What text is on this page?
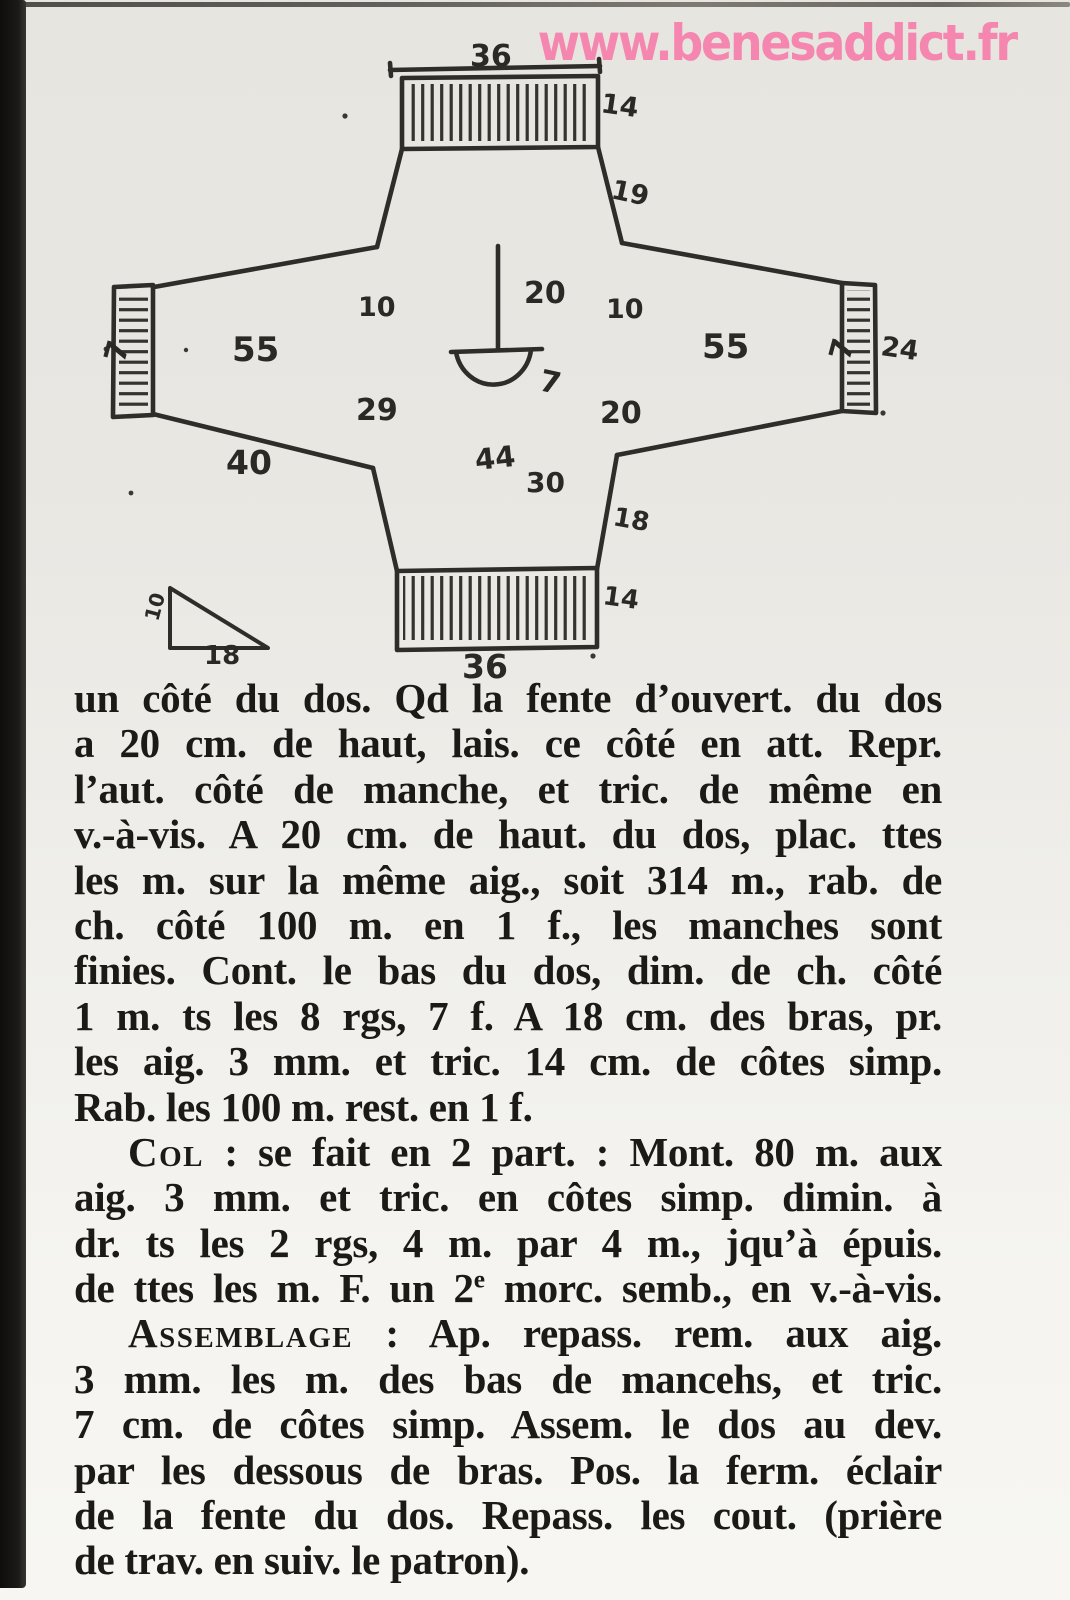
www.benesaddict.fr
36
14
19
10	20 10
55	55
7	7 24
29	20
7
40	44
30
18
14
36
10
18
un côté du dos. Qd la fente d’ouvert. du dos
a 20 cm. de haut, lais. ce côté en att. Repr.
l’aut. côté de manche, et tric. de même en
v.-à-vis. A 20 cm. de haut. du dos, plac. ttes
les m. sur la même aig., soit 314 m., rab. de
ch. côté 100 m. en 1 f., les manches sont
finies. Cont. le bas du dos, dim. de ch. côté
1 m. ts les 8 rgs, 7 f. A 18 cm. des bras, pr.
les aig. 3 mm. et tric. 14 cm. de côtes simp.
Rab. les 100 m. rest. en 1 f.
Col : se fait en 2 part. : Mont. 80 m. aux
aig. 3 mm. et tric. en côtes simp. dimin. à
dr. ts les 2 rgs, 4 m. par 4 m., jqu’à épuis.
de ttes les m. F. un 2e morc. semb., en v.-à-vis.
Assemblage : Ap. repass. rem. aux aig.
3 mm. les m. des bas de mancehs, et tric.
7 cm. de côtes simp. Assem. le dos au dev.
par les dessous de bras. Pos. la ferm. éclair
de la fente du dos. Repass. les cout. (prière
de trav. en suiv. le patron).
